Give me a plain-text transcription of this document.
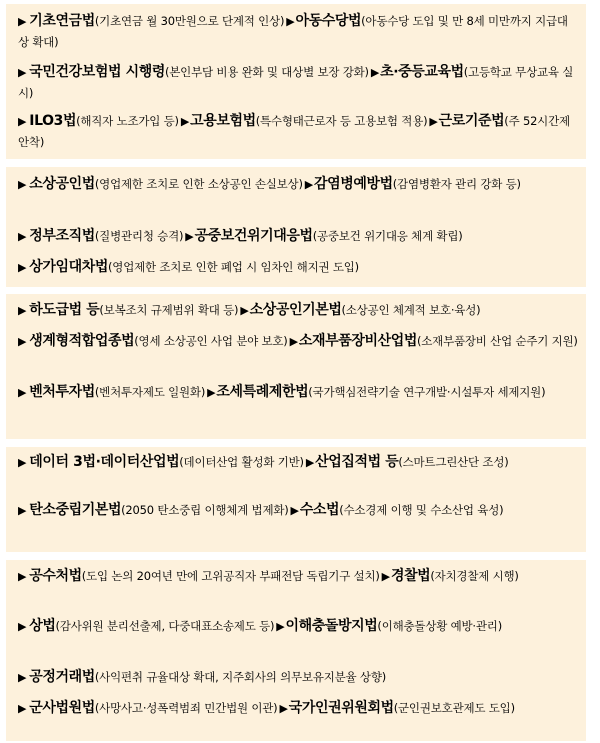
▶ 기초연금법(기초연금 월 30만원으로 단계적 인상)▶아동수당법(아동수당 도입 및 만 8세 미만까지 지급대상 확대)
▶ 국민건강보험법 시행령(본인부담 비용 완화 및 대상별 보장 강화)▶초·중등교육법(고등학교 무상교육 실시)
▶ ILO3법(해직자 노조가입 등)▶고용보험법(특수형태근로자 등 고용보험 적용)▶근로기준법(주 52시간제 안착)
▶ 소상공인법(영업제한 조치로 인한 소상공인 손실보상)▶감염병예방법(감염병환자 관리 강화 등)
▶ 정부조직법(질병관리청 승격)▶공중보건위기대응법(공중보건 위기대응 체계 확립)
▶ 상가임대차법(영업제한 조치로 인한 폐업 시 임차인 해지권 도입)
▶ 하도급법 등(보복조치 규제범위 확대 등)▶소상공인기본법(소상공인 체계적 보호·육성)
▶ 생계형적합업종법(영세 소상공인 사업 분야 보호)▶소재부품장비산업법(소재부품장비 산업 순주기 지원)
▶ 벤처투자법(벤처투자제도 일원화)▶조세특례제한법(국가핵심전략기술 연구개발·시설투자 세제지원)
▶ 데이터 3법·데이터산업법(데이터산업 활성화 기반)▶산업집적법 등(스마트그린산단 조성)
▶ 탄소중립기본법(2050 탄소중립 이행체계 법제화)▶수소법(수소경제 이행 및 수소산업 육성)
▶ 공수처법(도입 논의 20여년 만에 고위공직자 부패전담 독립기구 설치)▶경찰법(자치경찰제 시행)
▶ 상법(감사위원 분리선출제, 다중대표소송제도 등)▶이해충돌방지법(이해충돌상황 예방·관리)
▶ 공정거래법(사익편취 규율대상 확대, 지주회사의 의무보유지분율 상향)
▶ 군사법원법(사망사고·성폭력범죄 민간법원 이관)▶국가인권위원회법(군인권보호관제도 도입)
